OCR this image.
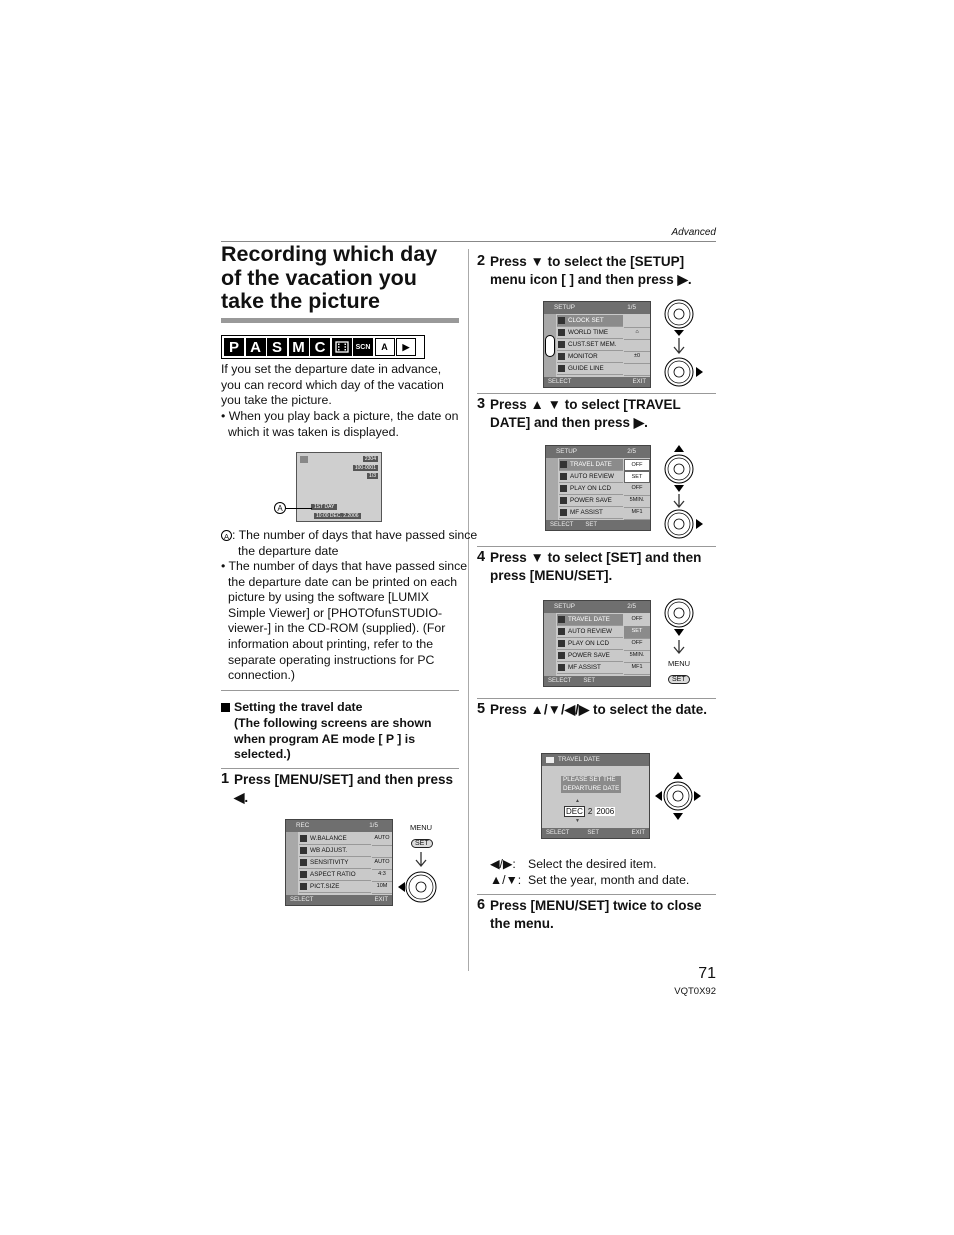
Advanced
Recording which day of the vacation you take the picture
P A S M C	SCN	A	▶
If you set the departure date in advance, you can record which day of the vacation you take the picture.
• When you play back a picture, the date on which it was taken is displayed.
2304
100-0001
1/3
1ST DAY
10:00 DEC. 2.2006
A
A : The number of days that have passed since the departure date
• The number of days that have passed since the departure date can be printed on each picture by using the software [LUMIX Simple Viewer] or [PHOTOfunSTUDIO-viewer-] in the CD-ROM (supplied). (For information about printing, refer to the separate operating instructions for PC connection.)
Setting the travel date
(The following screens are shown when program AE mode [ P ] is selected.)
1 Press [MENU/SET] and then press ◀.
REC	1/5
W.BALANCE	AUTO
WB ADJUST.
SENSITIVITY	AUTO
ASPECT RATIO	4:3
PICT.SIZE	10M
SELECT	EXIT
MENU
SET
2 Press ▼ to select the [SETUP] menu icon [ ] and then press ▶.
SETUP	1/5
CLOCK SET
WORLD TIME	⌂
CUST.SET MEM.
MONITOR	±0
GUIDE LINE
SELECT	EXIT
3 Press ▲ ▼ to select [TRAVEL DATE] and then press ▶.
SETUP	2/5
TRAVEL DATE	OFF
AUTO REVIEW	SET
PLAY ON LCD	OFF
POWER SAVE	5MIN.
MF ASSIST	MF1
SELECT SET
4 Press ▼ to select [SET] and then press [MENU/SET].
SETUP	2/5
TRAVEL DATE	OFF
AUTO REVIEW	SET
PLAY ON LCD	OFF
POWER SAVE	5MIN.
MF ASSIST	MF1
SELECT SET
MENU
SET
5 Press ▲/▼/◀/▶ to select the date.
TRAVEL DATE
PLEASE SET THE
DEPARTURE DATE
▲
DEC 2 2006
▼
SELECT	SET	EXIT
◀/▶: Select the desired item.
▲/▼: Set the year, month and date.
6 Press [MENU/SET] twice to close the menu.
71
VQT0X92
